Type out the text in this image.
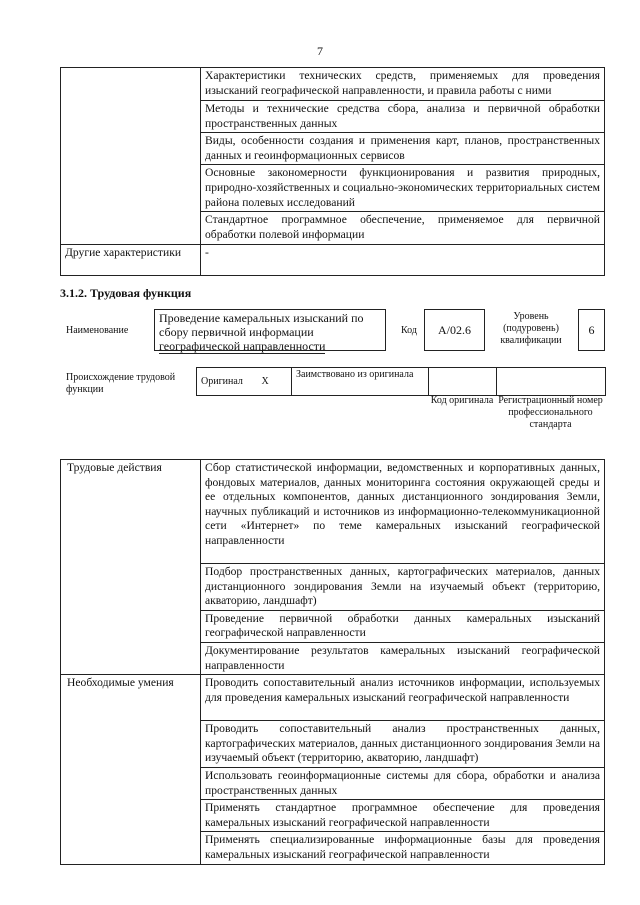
7
	Характеристики технических средств, применяемых для проведения изысканий географической направленности, и правила работы с ними
	Методы и технические средства сбора, анализа и первичной обработки пространственных данных
	Виды, особенности создания и применения карт, планов, пространственных данных и геоинформационных сервисов
	Основные закономерности функционирования и развития природных, природно-хозяйственных и социально-экономических территориальных систем района полевых исследований
	Стандартное программное обеспечение, применяемое для первичной обработки полевой информации
Другие характеристики	-
3.1.2. Трудовая функция
Наименование
Проведение камеральных изысканий по
сбору первичной информации
географической направленности
Код	A/02.6
Уровень
(подуровень)
квалификации
6
Происхождение трудовой функции
Оригинал	X	Заимствовано из оригинала		
Код оригинала Регистрационный номер профессионального стандарта
Трудовые действия	Сбор статистической информации, ведомственных и корпоративных данных, фондовых материалов, данных мониторинга состояния окружающей среды и ее отдельных компонентов, данных дистанционного зондирования Земли, научных публикаций и источников из информационно-телекоммуникационной сети «Интернет» по теме камеральных изысканий географической направленности
	Подбор пространственных данных, картографических материалов, данных дистанционного зондирования Земли на изучаемый объект (территорию, акваторию, ландшафт)
	Проведение первичной обработки данных камеральных изысканий географической направленности
	Документирование результатов камеральных изысканий географической направленности
Необходимые умения	Проводить сопоставительный анализ источников информации, используемых для проведения камеральных изысканий географической направленности
	Проводить сопоставительный анализ пространственных данных, картографических материалов, данных дистанционного зондирования Земли на изучаемый объект (территорию, акваторию, ландшафт)
	Использовать геоинформационные системы для сбора, обработки и анализа пространственных данных
	Применять стандартное программное обеспечение для проведения камеральных изысканий географической направленности
	Применять специализированные информационные базы для проведения камеральных изысканий географической направленности
